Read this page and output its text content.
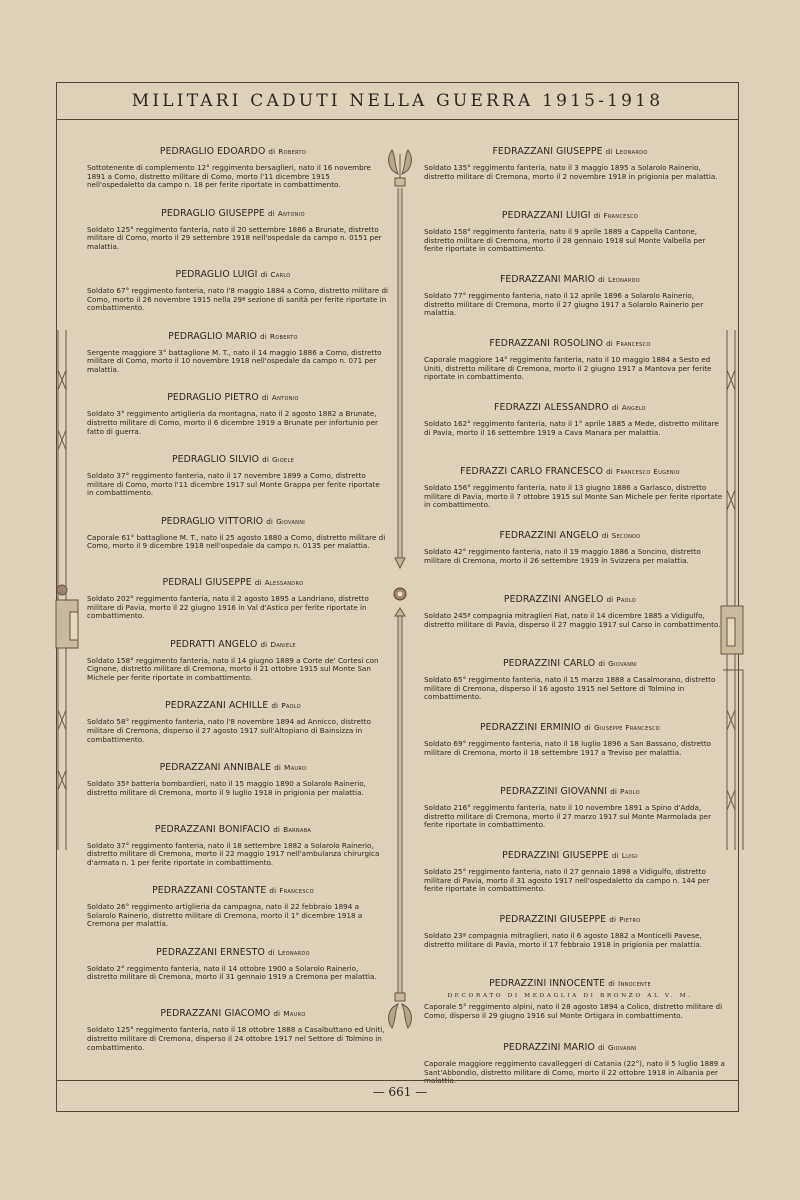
MILITARI CADUTI NELLA GUERRA 1915-1918

PEDRAGLIO EDOARDO di Roberto

Sottotenente di complemento 12° reggimento bersaglieri, nato il 16 novembre 1891 a Como, distretto militare di Como, morto l'11 dicembre 1915 nell'ospedaletto da campo n. 18 per ferite riportate in combattimento.

PEDRAGLIO GIUSEPPE di Antonio

Soldato 125° reggimento fanteria, nato il 20 settembre 1886 a Brunate, distretto militare di Como, morto il 29 settembre 1918 nell'ospedale da campo n. 0151 per malattia.

PEDRAGLIO LUIGI di Carlo

Soldato 67° reggimento fanteria, nato l'8 maggio 1884 a Como, distretto militare di Como, morto il 26 novembre 1915 nella 29ª sezione di sanità per ferite riportate in combattimento.

PEDRAGLIO MARIO di Roberto

Sergente maggiore 3° battaglione M. T., nato il 14 maggio 1886 a Como, distretto militare di Como, morto il 10 novembre 1918 nell'ospedale da campo n. 071 per malattia.

PEDRAGLIO PIETRO di Antonio

Soldato 3° reggimento artiglieria da montagna, nato il 2 agosto 1882 a Brunate, distretto militare di Como, morto il 6 dicembre 1919 a Brunate per infortunio per fatto di guerra.

PEDRAGLIO SILVIO di Gioele

Soldato 37° reggimento fanteria, nato il 17 novembre 1899 a Como, distretto militare di Como, morto l'11 dicembre 1917 sul Monte Grappa per ferite riportate in combattimento.

PEDRAGLIO VITTORIO di Giovanni

Caporale 61° battaglione M. T., nato il 25 agosto 1880 a Como, distretto militare di Como, morto il 9 dicembre 1918 nell'ospedale da campo n. 0135 per malattia.

PEDRALI GIUSEPPE di Alessandro

Soldato 202° reggimento fanteria, nato il 2 agosto 1895 a Landriano, distretto militare di Pavia, morto il 22 giugno 1916 in Val d'Astico per ferite riportate in combattimento.

PEDRATTI ANGELO di Daniele

Soldato 158° reggimento fanteria, nato il 14 giugno 1889 a Corte de' Cortesi con Cignone, distretto militare di Cremona, morto il 21 ottobre 1915 sul Monte San Michele per ferite riportate in combattimento.

PEDRAZZANI ACHILLE di Paolo

Soldato 58° reggimento fanteria, nato l'8 novembre 1894 ad Annicco, distretto militare di Cremona, disperso il 27 agosto 1917 sull'Altopiano di Bainsizza in combattimento.

PEDRAZZANI ANNIBALE di Mauro

Soldato 35ª batteria bombardieri, nato il 15 maggio 1890 a Solarolo Rainerio, distretto militare di Cremona, morto il 9 luglio 1918 in prigionia per malattia.

PEDRAZZANI BONIFACIO di Barnaba

Soldato 37° reggimento fanteria, nato il 18 settembre 1882 a Solarolo Rainerio, distretto militare di Cremona, morto il 22 maggio 1917 nell'ambulanza chirurgica d'armata n. 1 per ferite riportate in combattimento.

PEDRAZZANI COSTANTE di Francesco

Soldato 26° reggimento artiglieria da campagna, nato il 22 febbraio 1894 a Solarolo Rainerio, distretto militare di Cremona, morto il 1° dicembre 1918 a Cremona per malattia.

PEDRAZZANI ERNESTO di Leonardo

Soldato 2° reggimento fanteria, nato il 14 ottobre 1900 a Solarolo Rainerio, distretto militare di Cremona, morto il 31 gennaio 1919 a Cremona per malattia.

PEDRAZZANI GIACOMO di Mauro

Soldato 125° reggimento fanteria, nato il 18 ottobre 1888 a Casalbuttano ed Uniti, distretto militare di Cremona, disperso il 24 ottobre 1917 nel Settore di Tolmino in combattimento.

FEDRAZZANI GIUSEPPE di Leonardo

Soldato 135° reggimento fanteria, nato il 3 maggio 1895 a Solarolo Rainerio, distretto militare di Cremona, morto il 2 novembre 1918 in prigionia per malattia.

PEDRAZZANI LUIGI di Francesco

Soldato 158° reggimento fanteria, nato il 9 aprile 1889 a Cappella Cantone, distretto militare di Cremona, morto il 28 gennaio 1918 sul Monte Valbella per ferite riportate in combattimento.

FEDRAZZANI MARIO di Leonardo

Soldato 77° reggimento fanteria, nato il 12 aprile 1896 a Solarolo Rainerio, distretto militare di Cremona, morto il 27 giugno 1917 a Solarolo Rainerio per malattia.

FEDRAZZANI ROSOLINO di Francesco

Caporale maggiore 14° reggimento fanteria, nato il 10 maggio 1884 a Sesto ed Uniti, distretto militare di Cremona, morto il 2 giugno 1917 a Mantova per ferite riportate in combattimento.

FEDRAZZI ALESSANDRO di Angelo

Soldato 162° reggimento fanteria, nato il 1° aprile 1885 a Mede, distretto militare di Pavia, morto il 16 settembre 1919 a Cava Manara per malattia.

FEDRAZZI CARLO FRANCESCO di Francesco Eugenio

Soldato 156° reggimento fanteria, nato il 13 giugno 1886 a Garlasco, distretto militare di Pavia, morto il 7 ottobre 1915 sul Monte San Michele per ferite riportate in combattimento.

FEDRAZZINI ANGELO di Secondo

Soldato 42° reggimento fanteria, nato il 19 maggio 1886 a Soncino, distretto militare di Cremona, morto il 26 settembre 1919 in Svizzera per malattia.

PEDRAZZINI ANGELO di Paolo

Soldato 245ª compagnia mitraglieri Fiat, nato il 14 dicembre 1885 a Vidigulfo, distretto militare di Pavia, disperso il 27 maggio 1917 sul Carso in combattimento.

PEDRAZZINI CARLO di Giovanni

Soldato 65° reggimento fanteria, nato il 15 marzo 1888 a Casalmorano, distretto militare di Cremona, disperso il 16 agosto 1915 nel Settore di Tolmino in combattimento.

PEDRAZZINI ERMINIO di Giuseppe Francesco

Soldato 69° reggimento fanteria, nato il 18 luglio 1896 a San Bassano, distretto militare di Cremona, morto il 18 settembre 1917 a Treviso per malattia.

PEDRAZZINI GIOVANNI di Paolo

Soldato 216° reggimento fanteria, nato il 10 novembre 1891 a Spino d'Adda, distretto militare di Cremona, morto il 27 marzo 1917 sul Monte Marmolada per ferite riportate in combattimento.

PEDRAZZINI GIUSEPPE di Luigi

Soldato 25° reggimento fanteria, nato il 27 gennaio 1898 a Vidigulfo, distretto militare di Pavia, morto il 31 agosto 1917 nell'ospedaletto da campo n. 144 per ferite riportate in combattimento.

PEDRAZZINI GIUSEPPE di Pietro

Soldato 23ª compagnia mitraglieri, nato il 6 agosto 1882 a Monticelli Pavese, distretto militare di Pavia, morto il 17 febbraio 1918 in prigionia per malattia.

PEDRAZZINI INNOCENTE di Innocente

DECORATO DI MEDAGLIA DI BRONZO AL V. M.

Caporale 5° reggimento alpini, nato il 28 agosto 1894 a Colico, distretto militare di Como, disperso il 29 giugno 1916 sul Monte Ortigara in combattimento.

PEDRAZZINI MARIO di Giovanni

Caporale maggiore reggimento cavalleggeri di Catania (22°), nato il 5 luglio 1889 a Sant'Abbondio, distretto militare di Como, morto il 22 ottobre 1918 in Albania per malattia.

— 661 —
